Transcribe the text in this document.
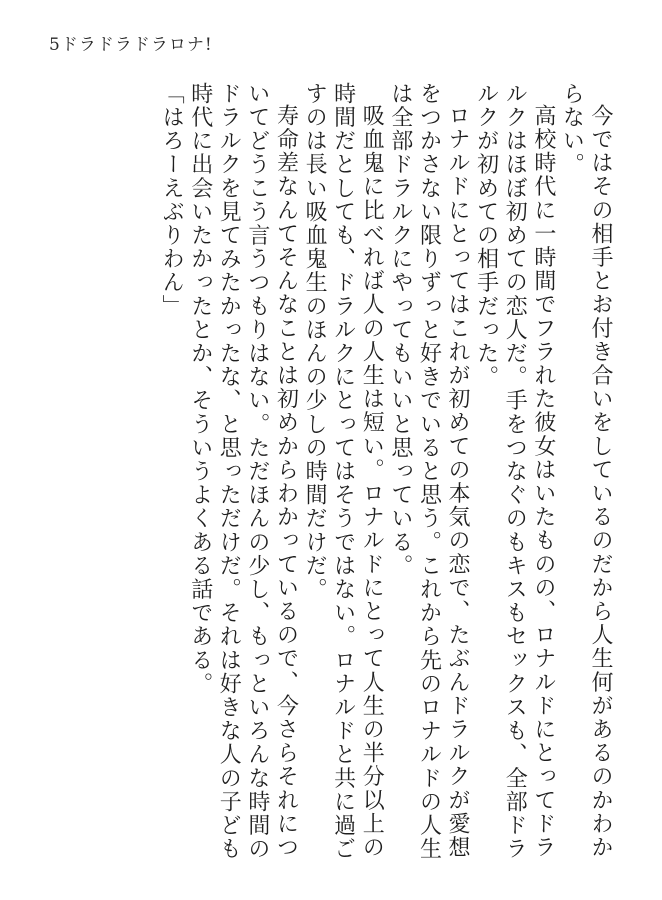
5ドラドラドラロナ!

今ではその相手とお付き合いをしているのだから人生何があるのかわからない。

高校時代に一時間でフラれた彼女はいたものの、ロナルドにとってドラルクはほぼ初めての恋人だ。手をつなぐのもキスもセックスも、全部ドラルクが初めての相手だった。

ロナルドにとってはこれが初めての本気の恋で、たぶんドラルクが愛想をつかさない限りずっと好きでいると思う。これから先のロナルドの人生は全部ドラルクにやってもいいと思っている。

吸血鬼に比べれば人の人生は短い。ロナルドにとって人生の半分以上の時間だとしても、ドラルクにとってはそうではない。ロナルドと共に過ごすのは長い吸血鬼生のほんの少しの時間だけだ。

寿命差なんてそんなことは初めからわかっているので、今さらそれについてどうこう言うつもりはない。ただほんの少し、もっといろんな時間のドラルクを見てみたかったな、と思っただけだ。それは好きな人の子ども時代に出会いたかったとか、そういうよくある話である。

「はろーえぶりわん」
